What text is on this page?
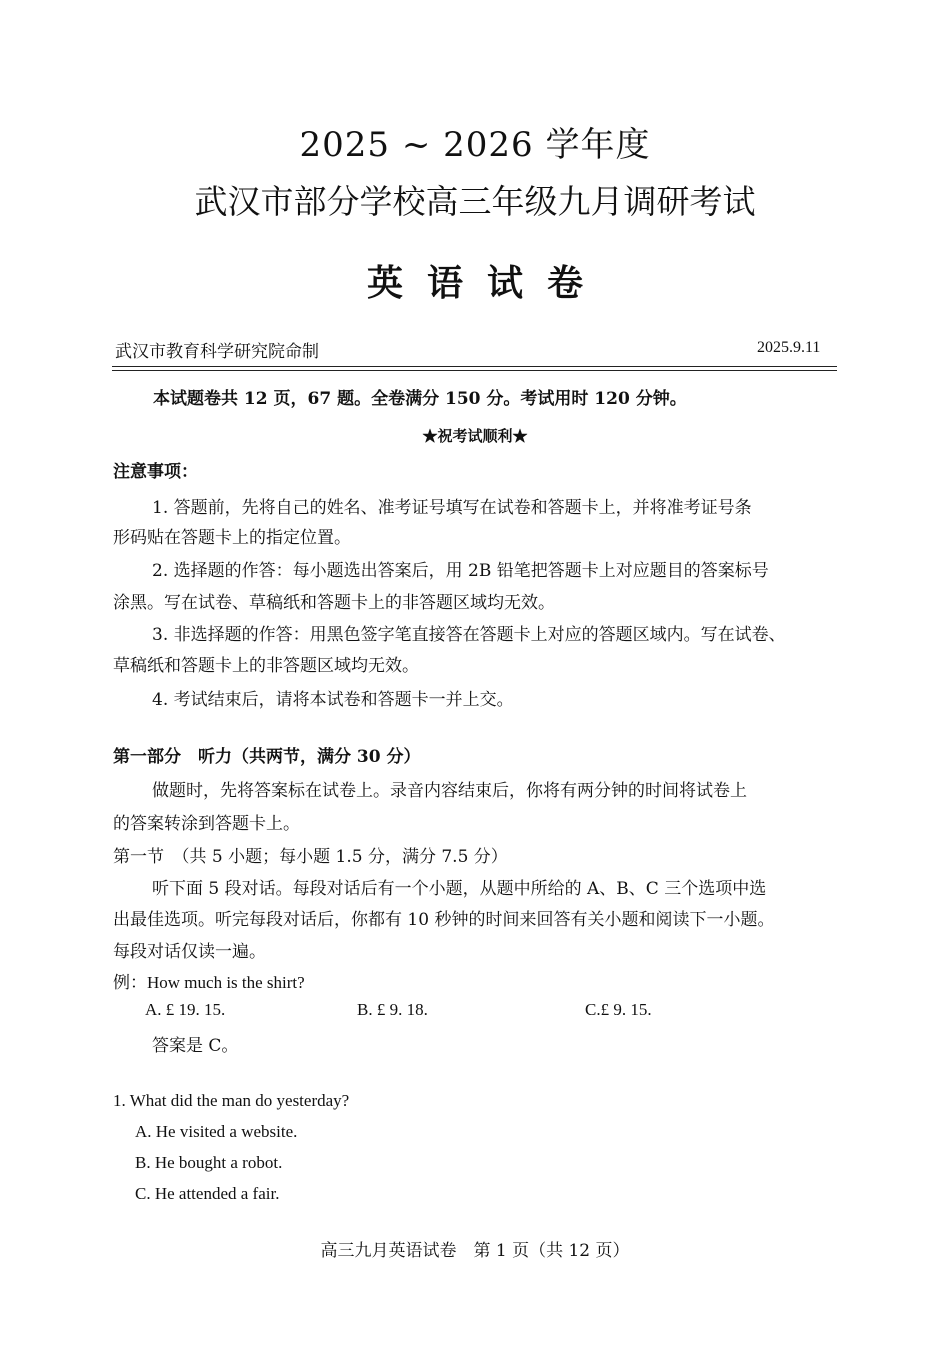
2025 ~ 2026 学年度
武汉市部分学校高三年级九月调研考试
英语试卷
武汉市教育科学研究院命制	2025.9.11
本试题卷共 12 页，67 题。全卷满分 150 分。考试用时 120 分钟。
★祝考试顺利★
注意事项：
1. 答题前，先将自己的姓名、准考证号填写在试卷和答题卡上，并将准考证号条
形码贴在答题卡上的指定位置。
2. 选择题的作答：每小题选出答案后，用 2B 铅笔把答题卡上对应题目的答案标号
涂黑。写在试卷、草稿纸和答题卡上的非答题区域均无效。
3. 非选择题的作答：用黑色签字笔直接答在答题卡上对应的答题区域内。写在试卷、
草稿纸和答题卡上的非答题区域均无效。
4. 考试结束后，请将本试卷和答题卡一并上交。
第一部分　听力（共两节，满分 30 分）
做题时，先将答案标在试卷上。录音内容结束后，你将有两分钟的时间将试卷上
的答案转涂到答题卡上。
第一节　（共 5 小题；每小题 1.5 分，满分 7.5 分）
听下面 5 段对话。每段对话后有一个小题，从题中所给的 A、B、C 三个选项中选
出最佳选项。听完每段对话后，你都有 10 秒钟的时间来回答有关小题和阅读下一小题。
每段对话仅读一遍。
例：How much is the shirt?
A. £ 19. 15.	B. £ 9. 18.	C.£ 9. 15.
答案是 C。
1. What did the man do yesterday?
A. He visited a website.
B. He bought a robot.
C. He attended a fair.
高三九月英语试卷　第 1 页（共 12 页）
